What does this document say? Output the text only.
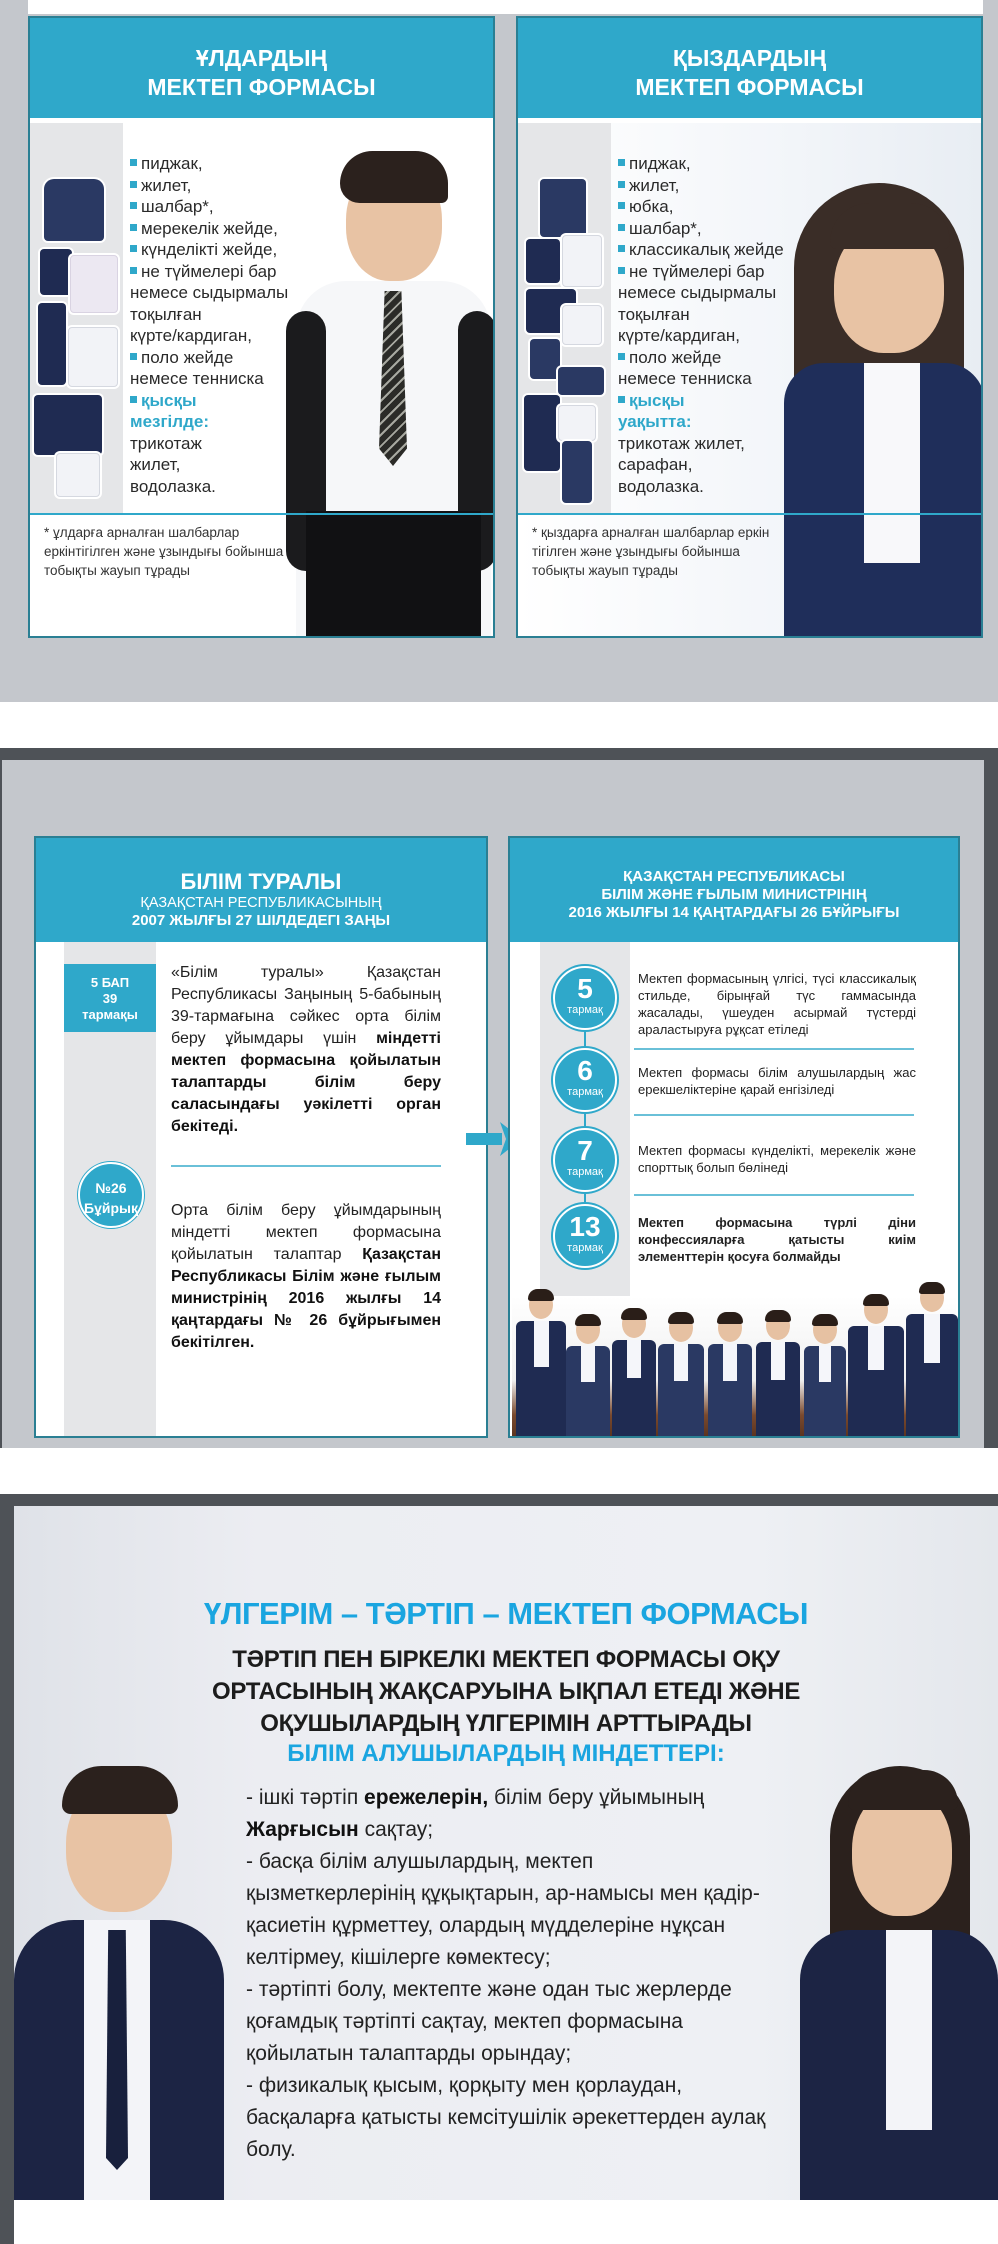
ҰЛДАРДЫҢ
МЕКТЕП ФОРМАСЫ
пиджак,
жилет,
шалбар*,
мерекелік жейде,
күнделікті жейде,
не түймелері бар
немесе сыдырмалы
тоқылған
күрте/кардиган,
поло жейде
немесе тенниска
қысқы
мезгілде:
трикотаж
жилет,
водолазка.
* ұлдарға арналған шалбарлар еркінтігілген және ұзындығы бойынша тобықты жауып тұрады
ҚЫЗДАРДЫҢ
МЕКТЕП ФОРМАСЫ
пиджак,
жилет,
юбка,
шалбар*,
классикалық жейде
не түймелері бар
немесе сыдырмалы
тоқылған
күрте/кардиган,
поло жейде
немесе тенниска
қысқы
уақытта:
трикотаж жилет,
сарафан,
водолазка.
* қыздарға арналған шалбарлар еркін тігілген және ұзындығы бойынша тобықты жауып тұрады
БІЛІМ ТУРАЛЫ
ҚАЗАҚСТАН РЕСПУБЛИКАСЫНЫҢ
2007 ЖЫЛҒЫ 27 ШІЛДЕДЕГІ ЗАҢЫ
5 БАП
39
тармақы
«Білім туралы» Қазақстан Республикасы Заңының 5-бабының 39-тармағына сәйкес орта білім беру ұйымдары үшін міндетті мектеп формасына қойылатын талаптарды білім беру саласындағы уәкілетті орган бекітеді.
№26
Бұйрық Орта білім беру ұйымдарының міндетті мектеп формасына қойылатын талаптар Қазақстан Республикасы Білім және ғылым министрінің 2016 жылғы 14 қаңтардағы № 26 бұйрығымен бекітілген.
ҚАЗАҚСТАН РЕСПУБЛИКАСЫ
БІЛІМ ЖӘНЕ ҒЫЛЫМ МИНИСТРІНІҢ
2016 ЖЫЛҒЫ 14 ҚАҢТАРДАҒЫ 26 БҰЙРЫҒЫ
5
тармақ
Мектеп формасының үлгісі, түсі классикалық стильде, бірыңғай түс гаммасында жасалады, үшеуден асырмай түстерді араластыруға рұқсат етіледі
6
тармақ
Мектеп формасы білім алушылардың жас ерекшеліктеріне қарай енгізіледі
7
тармақ
Мектеп формасы күнделікті, мерекелік және спорттық болып бөлінеді
13
тармақ
Мектеп формасына түрлі діни конфессияларға қатысты киім элементтерін қосуға болмайды
ҮЛГЕРІМ – ТӘРТІП – МЕКТЕП ФОРМАСЫ
ТӘРТІП ПЕН БІРКЕЛКІ МЕКТЕП ФОРМАСЫ ОҚУ ОРТАСЫНЫҢ ЖАҚСАРУЫНА ЫҚПАЛ ЕТЕДІ ЖӘНЕ ОҚУШЫЛАРДЫҢ ҮЛГЕРІМІН АРТТЫРАДЫ
БІЛІМ АЛУШЫЛАРДЫҢ МІНДЕТТЕРІ:
- ішкі тәртіп ережелерін, білім беру ұйымының Жарғысын сақтау;
- басқа білім алушылардың, мектеп қызметкерлерінің құқықтарын, ар-намысы мен қадір-қасиетін құрметтеу, олардың мүдделеріне нұқсан келтірмеу, кішілерге көмектесу;
- тәртіпті болу, мектепте және одан тыс жерлерде қоғамдық тәртіпті сақтау, мектеп формасына қойылатын талаптарды орындау;
- физикалық қысым, қорқыту мен қорлаудан, басқаларға қатысты кемсітушілік әрекеттерден аулақ болу.
